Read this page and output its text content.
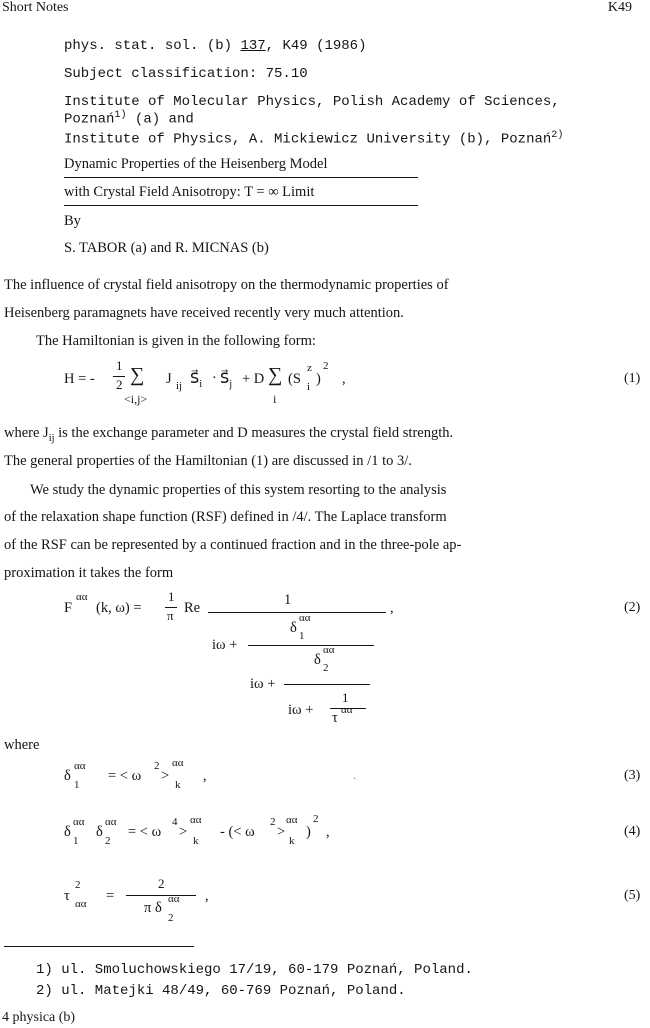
Short Notes	K49
phys. stat. sol. (b) 137, K49 (1986)
Subject classification: 75.10
Institute of Molecular Physics, Polish Academy of Sciences,
Poznań$^{1)}$ (a) and
Institute of Physics, A. Mickiewicz University (b), Poznań$^{2)}$
Dynamic Properties of the Heisenberg Model
with Crystal Field Anisotropy: T = ∞ Limit
By
S. TABOR (a) and R. MICNAS (b)
The influence of crystal field anisotropy on the thermodynamic properties of
Heisenberg paramagnets have received recently very much attention.
The Hamiltonian is given in the following form:
H = -
1
2 ∑
<i,j>
J ij $S⃗_i$ · $S⃗_j + D$ ∑
i
(S
z
i )
2
,	(1)
where $J_{ij}$ is the exchange parameter and D measures the crystal field strength.
The general properties of the Hamiltonian (1) are discussed in /1 to 3/.
We study the dynamic properties of this system resorting to the analysis
of the relaxation shape function (RSF) defined in /4/. The Laplace transform
of the RSF can be represented by a continued fraction and in the three-pole ap-
proximation it takes the form
F
αα
(k, ω) =
1
π Re	1	,
δ
αα
1
iω +
δ
αα
2
iω +
iω +
1
τ αα
(2)
where
δ
αα
1
= < ω
2
>
αα
k
,	·	(3)
δ
αα
1
δ
αα
2
= < ω
4
>
αα
k
- (< ω
2
>
αα
k
)
2
,	(4)
τ
2
αα =
2
π δ
αα
2
,	(5)
1) ul. Smoluchowskiego 17/19, 60-179 Poznań, Poland.
2) ul. Matejki 48/49, 60-769 Poznań, Poland.
4 physica (b)
